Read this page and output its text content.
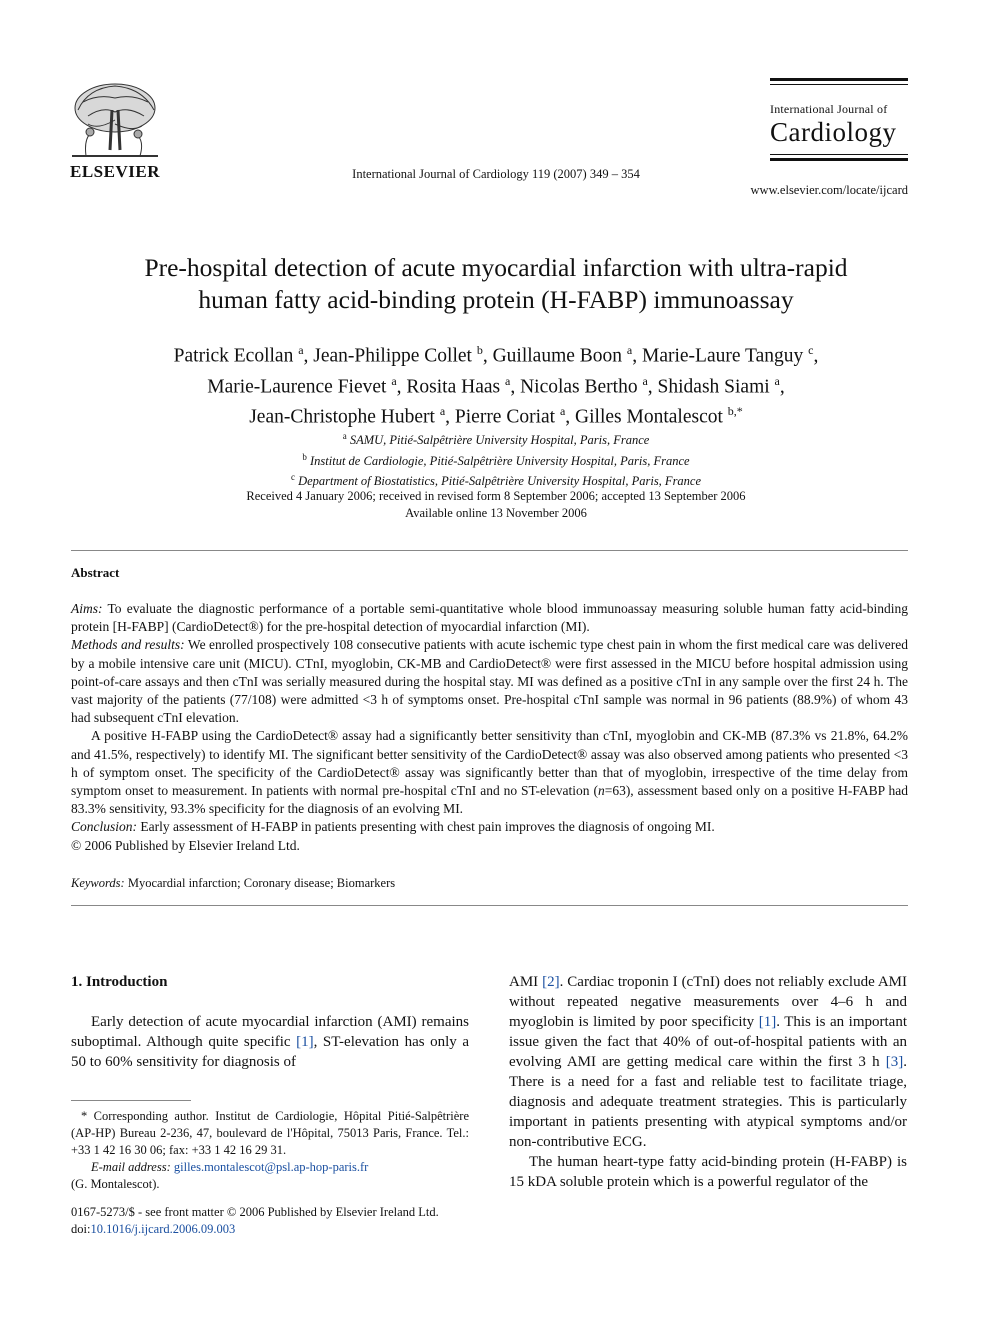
ELSEVIER	International Journal of Cardiology 119 (2007) 349 – 354
International Journal of
Cardiology
www.elsevier.com/locate/ijcard
Pre-hospital detection of acute myocardial infarction with ultra-rapid
human fatty acid-binding protein (H-FABP) immunoassay
Patrick Ecollan $^a$, Jean-Philippe Collet $^b$, Guillaume Boon $^a$, Marie-Laure Tanguy $^c$,
Marie-Laurence Fievet $^a$, Rosita Haas $^a$, Nicolas Bertho $^a$, Shidash Siami $^a$,
Jean-Christophe Hubert $^a$, Pierre Coriat $^a$, Gilles Montalescot $^{b,*}$
$^a$ SAMU, Pitié-Salpêtrière University Hospital, Paris, France
$^b$ Institut de Cardiologie, Pitié-Salpêtrière University Hospital, Paris, France
$^c$ Department of Biostatistics, Pitié-Salpêtrière University Hospital, Paris, France
Received 4 January 2006; received in revised form 8 September 2006; accepted 13 September 2006
Available online 13 November 2006
Abstract

Aims: To evaluate the diagnostic performance of a portable semi-quantitative whole blood immunoassay measuring soluble human fatty acid-binding protein [H-FABP] (CardioDetect®) for the pre-hospital detection of myocardial infarction (MI).

Methods and results: We enrolled prospectively 108 consecutive patients with acute ischemic type chest pain in whom the first medical care was delivered by a mobile intensive care unit (MICU). CTnI, myoglobin, CK-MB and CardioDetect® were first assessed in the MICU before hospital admission using point-of-care assays and then cTnI was serially measured during the hospital stay. MI was defined as a positive cTnI in any sample over the first 24 h. The vast majority of the patients (77/108) were admitted <3 h of symptoms onset. Pre-hospital cTnI sample was normal in 96 patients (88.9%) of whom 43 had subsequent cTnI elevation.

A positive H-FABP using the CardioDetect® assay had a significantly better sensitivity than cTnI, myoglobin and CK-MB (87.3% vs 21.8%, 64.2% and 41.5%, respectively) to identify MI. The significant better sensitivity of the CardioDetect® assay was also observed among patients who presented <3 h of symptom onset. The specificity of the CardioDetect® assay was significantly better than that of myoglobin, irrespective of the time delay from symptom onset to measurement. In patients with normal pre-hospital cTnI and no ST-elevation (n=63), assessment based only on a positive H-FABP had 83.3% sensitivity, 93.3% specificity for the diagnosis of an evolving MI.

Conclusion: Early assessment of H-FABP in patients presenting with chest pain improves the diagnosis of ongoing MI.

© 2006 Published by Elsevier Ireland Ltd.

Keywords: Myocardial infarction; Coronary disease; Biomarkers

1. Introduction

Early detection of acute myocardial infarction (AMI) remains suboptimal. Although quite specific [1], ST-elevation has only a 50 to 60% sensitivity for diagnosis of

AMI [2]. Cardiac troponin I (cTnI) does not reliably exclude AMI without repeated negative measurements over 4–6 h and myoglobin is limited by poor specificity [1]. This is an important issue given the fact that 40% of out-of-hospital patients with an evolving AMI are getting medical care within the first 3 h [3]. There is a need for a fast and reliable test to facilitate triage, diagnosis and adequate treatment strategies. This is particularly important in patients presenting with atypical symptoms and/or non-contributive ECG.

The human heart-type fatty acid-binding protein (H-FABP) is 15 kDA soluble protein which is a powerful regulator of the

* Corresponding author. Institut de Cardiologie, Hôpital Pitié-Salpêtrière (AP-HP) Bureau 2-236, 47, boulevard de l'Hôpital, 75013 Paris, France. Tel.: +33 1 42 16 30 06; fax: +33 1 42 16 29 31.

E-mail address: gilles.montalescot@psl.ap-hop-paris.fr

(G. Montalescot).

0167-5273/$ - see front matter © 2006 Published by Elsevier Ireland Ltd.
doi:10.1016/j.ijcard.2006.09.003
